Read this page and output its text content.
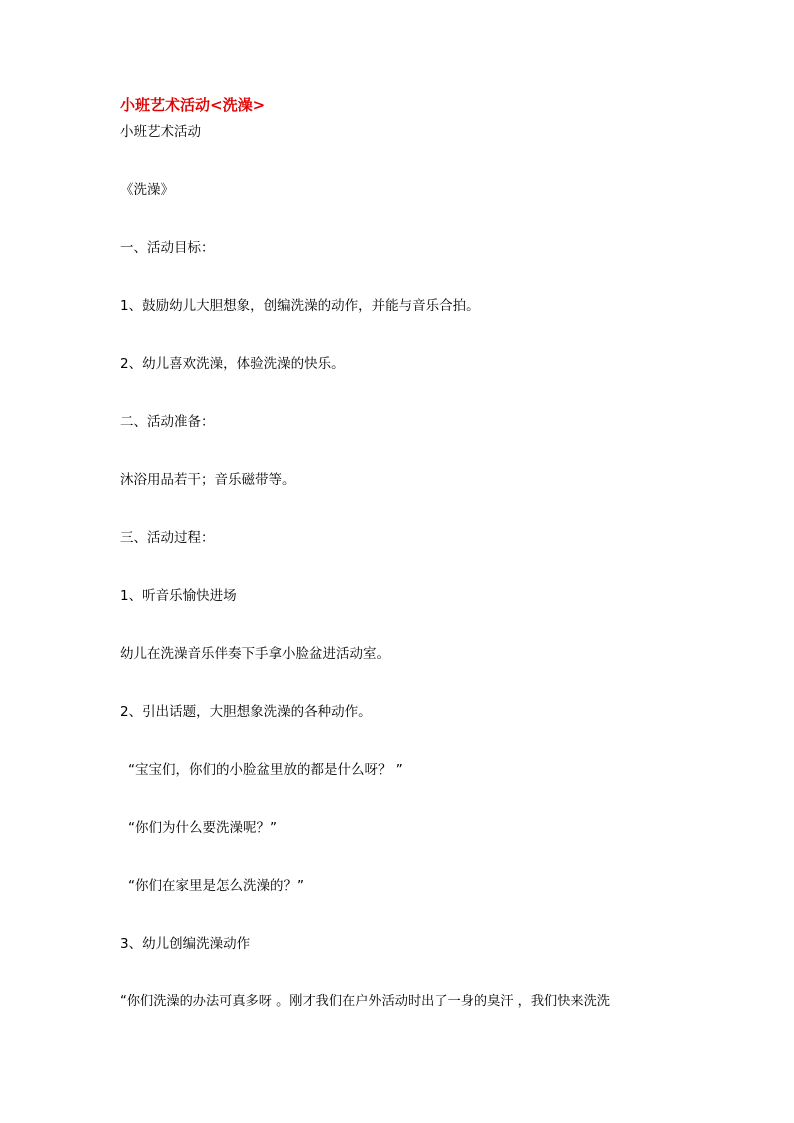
小班艺术活动<洗澡>
小班艺术活动
《洗澡》
一、活动目标：
1、鼓励幼儿大胆想象，创编洗澡的动作，并能与音乐合拍。
2、幼儿喜欢洗澡，体验洗澡的快乐。
二、活动准备：
沐浴用品若干；音乐磁带等。
三、活动过程：
1、听音乐愉快进场
幼儿在洗澡音乐伴奏下手拿小脸盆进活动室。
2、引出话题，大胆想象洗澡的各种动作。
“宝宝们，你们的小脸盆里放的都是什么呀？ ”
“你们为什么要洗澡呢？”
“你们在家里是怎么洗澡的？”
3、幼儿创编洗澡动作
“你们洗澡的办法可真多呀 。刚才我们在户外活动时出了一身的臭汗 ，我们快来洗洗
